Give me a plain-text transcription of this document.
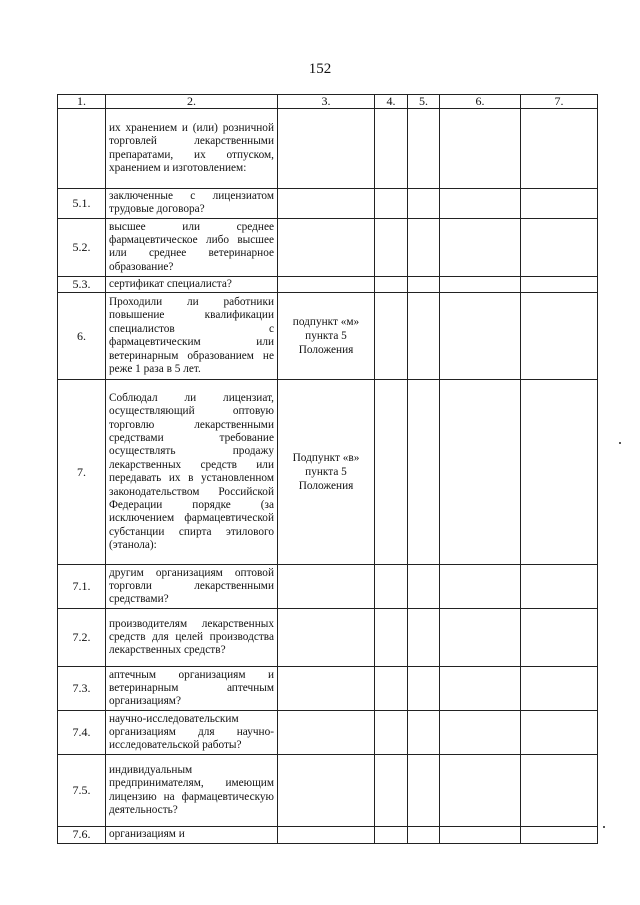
152
1.	2.	3.	4.	5.	6.	7.
	их хранением и (или) розничной торговлей лекарственными препаратами, их отпуском, хранением и изготовлением:					
5.1.	заключенные с лицензиатом трудовые договора?					
5.2.	высшее или среднее фармацевтическое либо высшее или среднее ветеринарное образование?					
5.3.	сертификат специалиста?					
6.	Проходили ли работники повышение квалификации специалистов с фармацевтическим или ветеринарным образованием не реже 1 раза в 5 лет.	подпункт «м» пункта 5 Положения				
7.	Соблюдал ли лицензиат, осуществляющий оптовую торговлю лекарственными средствами требование осуществлять продажу лекарственных средств или передавать их в установленном законодательством Российской Федерации порядке (за исключением фармацевтической субстанции спирта этилового (этанола):	Подпункт «в» пункта 5 Положения				
7.1.	другим организациям оптовой торговли лекарственными средствами?					
7.2.	производителям лекарственных средств для целей производства лекарственных средств?					
7.3.	аптечным организациям и ветеринарным аптечным организациям?					
7.4.	научно-исследовательским организациям для научно-исследовательской работы?					
7.5.	индивидуальным предпринимателям, имеющим лицензию на фармацевтическую деятельность?					
7.6.	организациям и					
